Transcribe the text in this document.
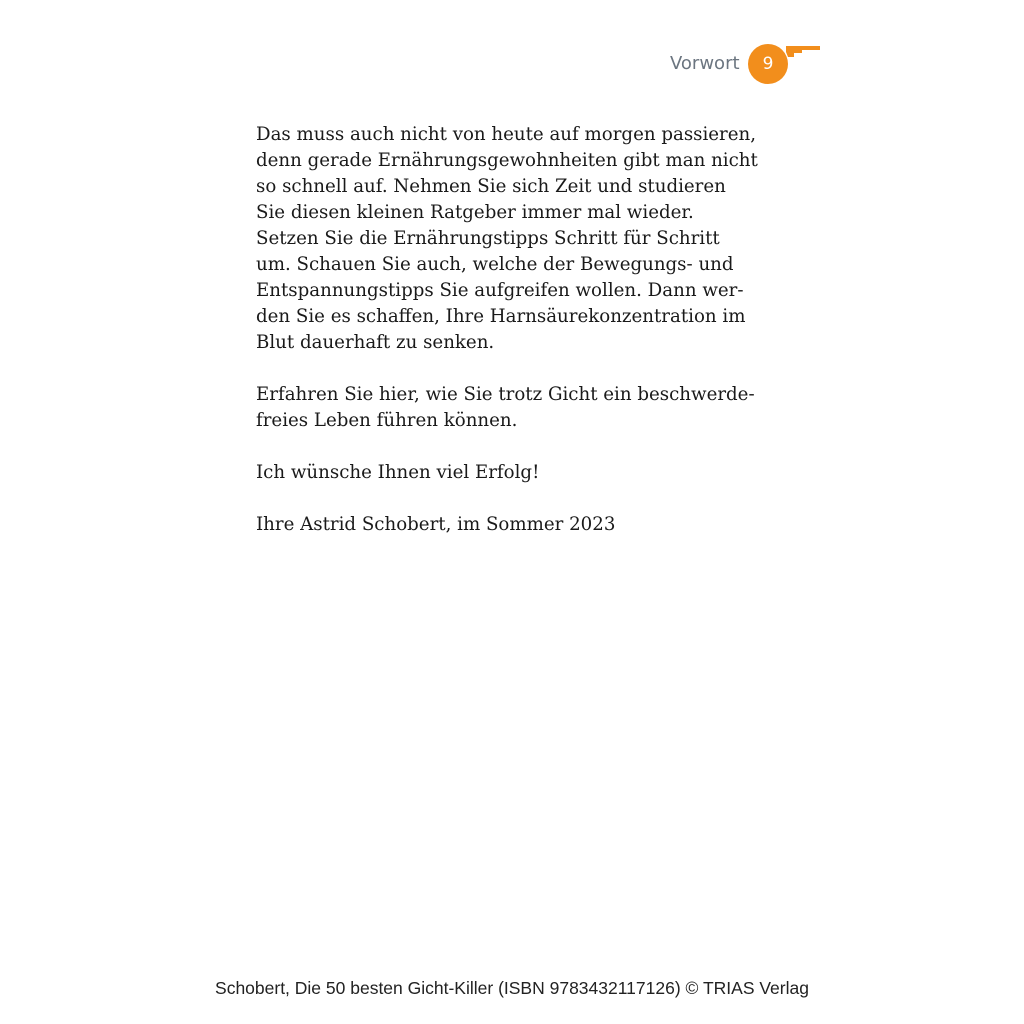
Vorwort	9
Das muss auch nicht von heute auf morgen passieren,
denn gerade Ernährungsgewohnheiten gibt man nicht
so schnell auf. Nehmen Sie sich Zeit und studieren
Sie diesen kleinen Ratgeber immer mal wieder.
Setzen Sie die Ernährungstipps Schritt für Schritt
um. Schauen Sie auch, welche der Bewegungs- und
Entspannungstipps Sie aufgreifen wollen. Dann wer-
den Sie es schaffen, Ihre Harnsäurekonzentration im
Blut dauerhaft zu senken.
Erfahren Sie hier, wie Sie trotz Gicht ein beschwerde-
freies Leben führen können.
Ich wünsche Ihnen viel Erfolg!
Ihre Astrid Schobert, im Sommer 2023
Schobert, Die 50 besten Gicht-Killer (ISBN 9783432117126) © TRIAS Verlag
